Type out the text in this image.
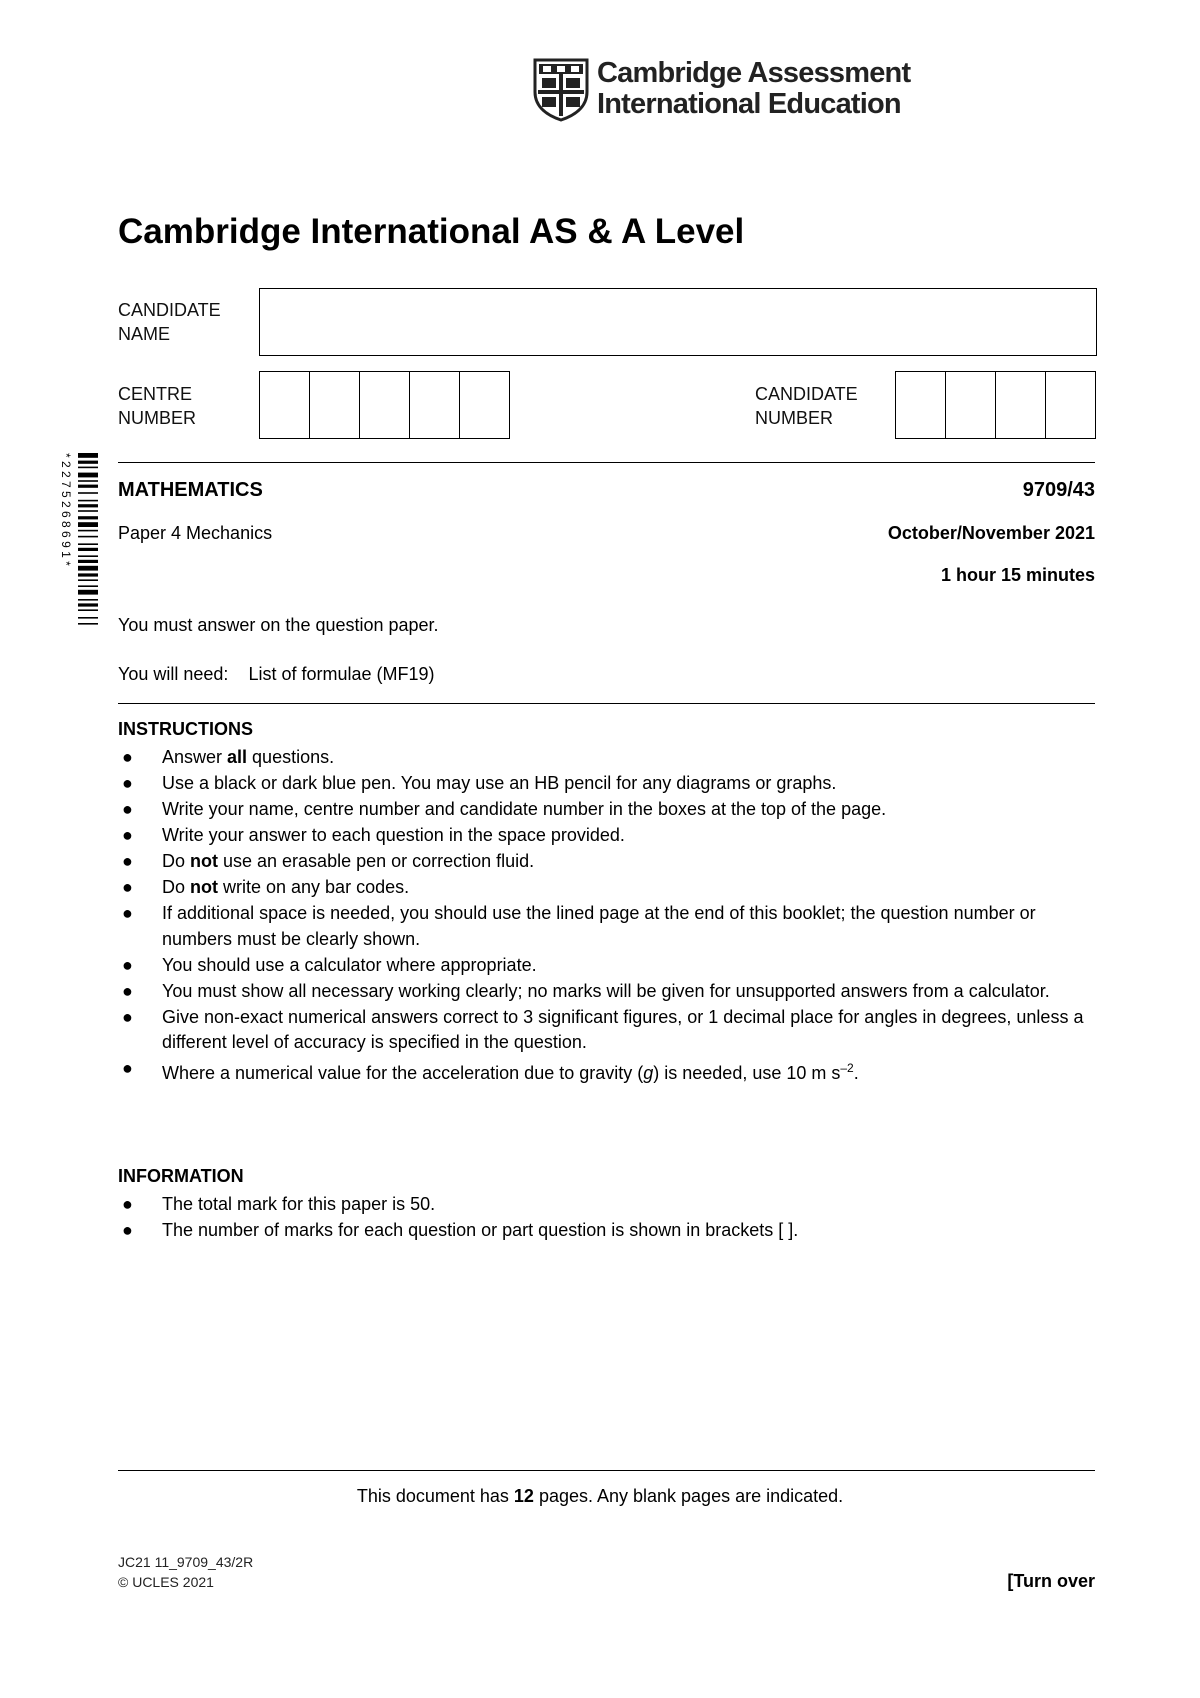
Cambridge Assessment
International Education
Cambridge International AS & A Level
CANDIDATE
NAME
CENTRE
NUMBER
CANDIDATE
NUMBER
* 2 2 7 5 2 6 8 6 9 1 * MATHEMATICS	9709/43
Paper 4 Mechanics	October/November 2021
1 hour 15 minutes
You must answer on the question paper.
You will need: List of formulae (MF19)
INSTRUCTIONS
● Answer all questions.
● Use a black or dark blue pen. You may use an HB pencil for any diagrams or graphs.
● Write your name, centre number and candidate number in the boxes at the top of the page.
● Write your answer to each question in the space provided.
● Do not use an erasable pen or correction fluid.
● Do not write on any bar codes.
● If additional space is needed, you should use the lined page at the end of this booklet; the question number or numbers must be clearly shown.
● You should use a calculator where appropriate.
● You must show all necessary working clearly; no marks will be given for unsupported answers from a calculator.
● Give non-exact numerical answers correct to 3 significant figures, or 1 decimal place for angles in degrees, unless a different level of accuracy is specified in the question.
● Where a numerical value for the acceleration due to gravity (g) is needed, use 10 m $s^{-2}$.
INFORMATION
● The total mark for this paper is 50.
● The number of marks for each question or part question is shown in brackets [ ].
This document has 12 pages. Any blank pages are indicated.
JC21 11_9709_43/2R
© UCLES 2021	[Turn over
